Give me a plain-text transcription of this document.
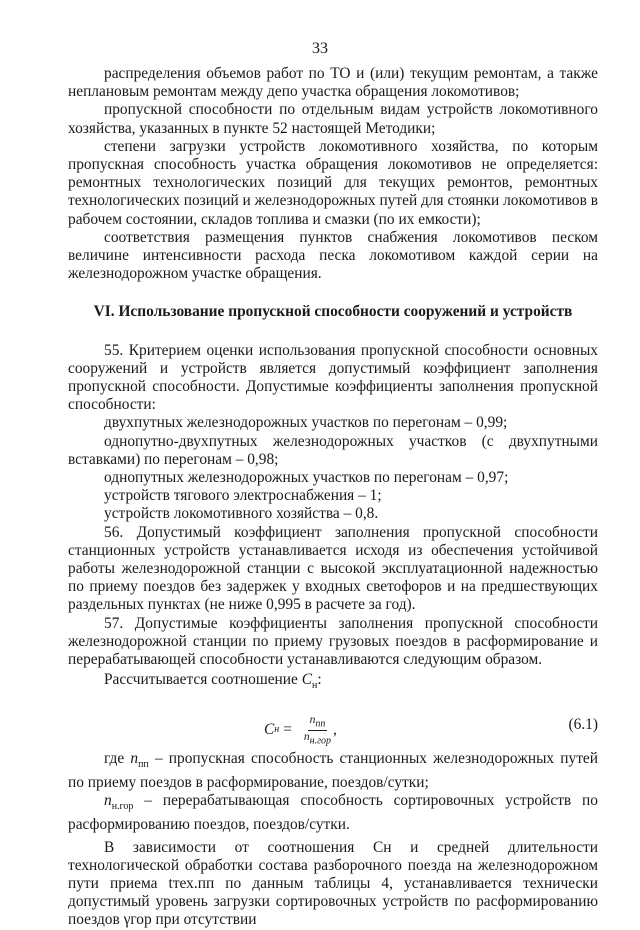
33

распределения объемов работ по ТО и (или) текущим ремонтам, а также неплановым ремонтам между депо участка обращения локомотивов;

пропускной способности по отдельным видам устройств локомотивного хозяйства, указанных в пункте 52 настоящей Методики;

степени загрузки устройств локомотивного хозяйства, по которым пропускная способность участка обращения локомотивов не определяется: ремонтных технологических позиций для текущих ремонтов, ремонтных технологических позиций и железнодорожных путей для стоянки локомотивов в рабочем состоянии, складов топлива и смазки (по их емкости);

соответствия размещения пунктов снабжения локомотивов песком величине интенсивности расхода песка локомотивом каждой серии на железнодорожном участке обращения.

VI. Использование пропускной способности сооружений и устройств

55. Критерием оценки использования пропускной способности основных сооружений и устройств является допустимый коэффициент заполнения пропускной способности. Допустимые коэффициенты заполнения пропускной способности:

двухпутных железнодорожных участков по перегонам – 0,99;

однопутно-двухпутных железнодорожных участков (с двухпутными вставками) по перегонам – 0,98;

однопутных железнодорожных участков по перегонам – 0,97;

устройств тягового электроснабжения – 1;

устройств локомотивного хозяйства – 0,8.

56. Допустимый коэффициент заполнения пропускной способности станционных устройств устанавливается исходя из обеспечения устойчивой работы железнодорожной станции с высокой эксплуатационной надежностью по приему поездов без задержек у входных светофоров и на предшествующих раздельных пунктах (не ниже 0,995 в расчете за год).

57. Допустимые коэффициенты заполнения пропускной способности железнодорожной станции по приему грузовых поездов в расформирование и перерабатывающей способности устанавливаются следующим образом.

Рассчитывается соотношение $C_н$:

C $н = \frac{n_{пп}}{n_{н.гор}}$ ,	(6.1)

где $n_{пп}$ – пропускная способность станционных железнодорожных путей по приему поездов в расформирование, поездов/сутки;

$n_{н.гор}$ – перерабатывающая способность сортировочных устройств по расформированию поездов, поездов/сутки.

В зависимости от соотношения Cн и средней длительности технологической обработки состава разборочного поезда на железнодорожном пути приема tтех.пп по данным таблицы 4, устанавливается технически допустимый уровень загрузки сортировочных устройств по расформированию поездов γгор при отсутствии
